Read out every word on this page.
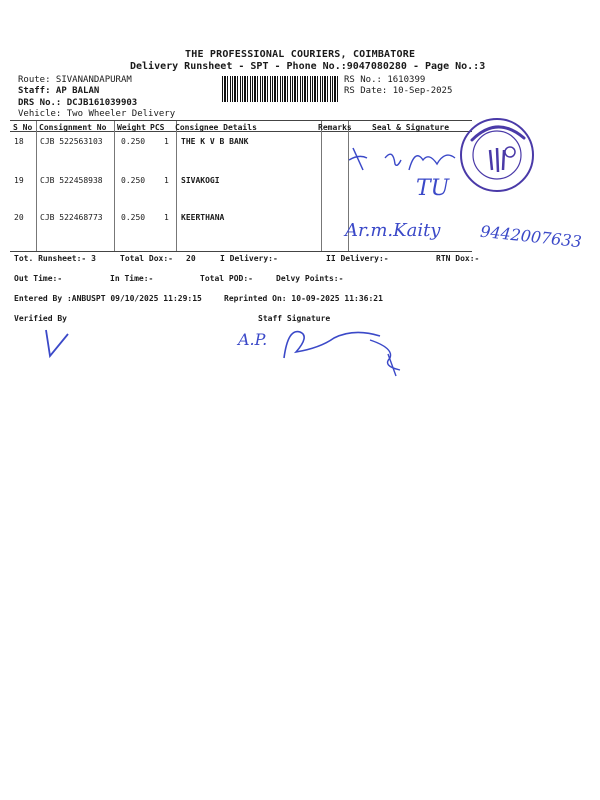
THE PROFESSIONAL COURIERS, COIMBATORE
Delivery Runsheet - SPT - Phone No.:9047080280 - Page No.:3
Route: SIVANANDAPURAM
Staff: AP BALAN
DRS No.: DCJB161039903
Vehicle: Two Wheeler Delivery
RS No.: 1610399
RS Date: 10-Sep-2025
S No Consignment No Weight PCS Consignee Details	Remarks	Seal & Signature
18 CJB 522563103 0.250 1 THE K V B BANK
19 CJB 522458938 0.250 1 SIVAKOGI
20 CJB 522468773 0.250 1 KEERTHANA
TU
Ar.m.Kaity 9442007633
Tot. Runsheet:- 3	Total Dox:- 20	I Delivery:-	II Delivery:-	RTN Dox:-
Out Time:-	In Time:-	Total POD:-	Delvy Points:-
Entered By :ANBUSPT 09/10/2025 11:29:15	Reprinted On: 10-09-2025 11:36:21
Verified By	Staff Signature
A.P.
